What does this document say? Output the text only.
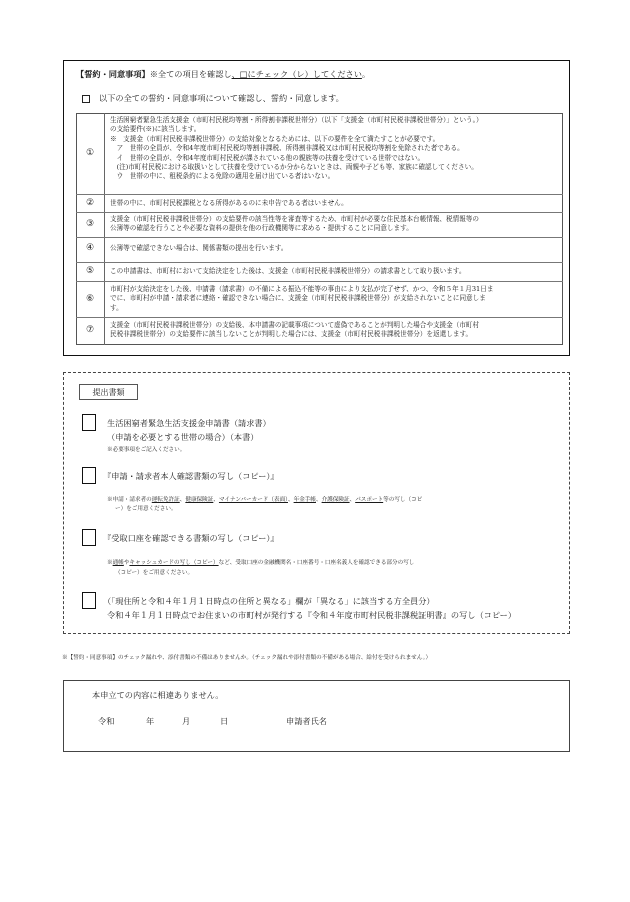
【誓約・同意事項】※全ての項目を確認し、□にチェック（レ）してください。
以下の全ての誓約・同意事項について確認し、誓約・同意します。
①
生活困窮者緊急生活支援金（市町村民税均等割・所得割非課税世帯分）（以下「支援金（市町村民税非課税世帯分）」という。）
の支給要件(※)に該当します。
※　支援金（市町村民税非課税世帯分）の支給対象となるためには、以下の要件を全て満たすことが必要です。
　ア　世帯の全員が、令和4年度市町村民税均等割非課税、所得割非課税又は市町村民税均等割を免除された者である。
　イ　世帯の全員が、令和4年度市町村民税が課されている他の親族等の扶養を受けている世帯ではない。
　(注)市町村民税における取扱いとして扶養を受けているか分からないときは、両親や子ども等、家族に確認してください。
　ウ　世帯の中に、租税条約による免除の適用を届け出ている者はいない。
②	世帯の中に、市町村民税課税となる所得があるのに未申告である者はいません。
③	支援金（市町村民税非課税世帯分）の支給要件の該当性等を審査等するため、市町村が必要な住民基本台帳情報、税情報等の
公簿等の確認を行うことや必要な資料の提供を他の行政機関等に求める・提供することに同意します。
④	公簿等で確認できない場合は、関係書類の提出を行います。
⑤	この申請書は、市町村において支給決定をした後は、支援金（市町村民税非課税世帯分）の請求書として取り扱います。
⑥
市町村が支給決定をした後、申請書（請求書）の不備による振込不能等の事由により支払が完了せず、かつ、令和５年１月31日ま
でに、市町村が申請・請求者に連絡・確認できない場合に、支援金（市町村民税非課税世帯分）が支給されないことに同意しま
す。
⑦	支援金（市町村民税非課税世帯分）の支給後、本申請書の記載事項について虚偽であることが判明した場合や支援金（市町村
民税非課税世帯分）の支給要件に該当しないことが判明した場合には、支援金（市町村民税非課税世帯分）を返還します。
提出書類
生活困窮者緊急生活支援金申請書（請求書）
（申請を必要とする世帯の場合）（本書）
※必要事項をご記入ください。
『申請・請求者本人確認書類の写し（コピー）』
※申請・請求者の運転免許証、健康保険証、マイナンバーカード（表面）、年金手帳、介護保険証、パスポート等の写し（コピ
ー）をご用意ください。
『受取口座を確認できる書類の写し（コピー）』
※通帳やキャッシュカードの写し（コピー）など、受取口座の金融機関名・口座番号・口座名義人を確認できる部分の写し
（コピー）をご用意ください。
（「現住所と令和４年１月１日時点の住所と異なる」欄が「異なる」に該当する方全員分）
令和４年１月１日時点でお住まいの市町村が発行する『令和４年度市町村民税非課税証明書』の写し（コピー）
※【誓約・同意事項】のチェック漏れや、添付書類の不備はありませんか。（チェック漏れや添付書類の不備がある場合、給付を受けられません。）
本申立ての内容に相違ありません。
令和	年	月	日	申請者氏名
